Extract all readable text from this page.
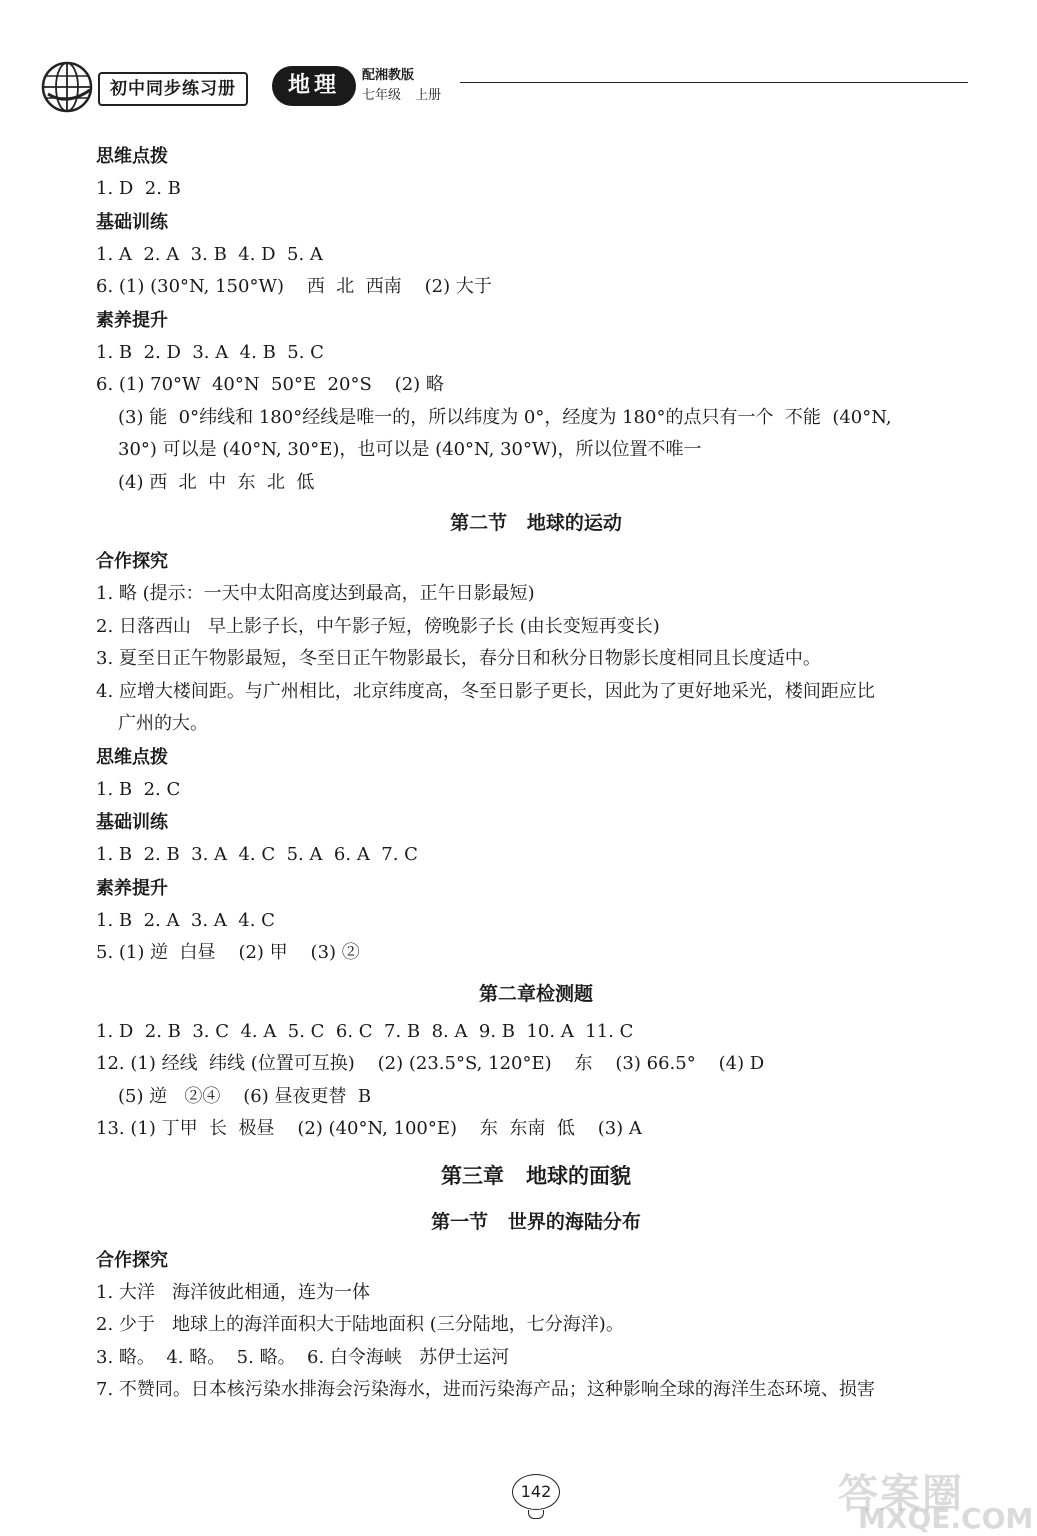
初中同步练习册	地理	配湘教版
七年级 上册
思维点拨
1. D  2. B
基础训练
1. A  2. A  3. B  4. D  5. A
6. (1) (30°N, 150°W)    西  北  西南    (2) 大于
素养提升
1. B  2. D  3. A  4. B  5. C
6. (1) 70°W  40°N  50°E  20°S    (2) 略
(3) 能  0°纬线和 180°经线是唯一的，所以纬度为 0°，经度为 180°的点只有一个  不能  (40°N,
30°) 可以是 (40°N, 30°E)，也可以是 (40°N, 30°W)，所以位置不唯一
(4) 西  北  中  东  北  低
第二节   地球的运动
合作探究
1. 略 (提示：一天中太阳高度达到最高，正午日影最短)
2. 日落西山   早上影子长，中午影子短，傍晚影子长 (由长变短再变长)
3. 夏至日正午物影最短，冬至日正午物影最长，春分日和秋分日物影长度相同且长度适中。
4. 应增大楼间距。与广州相比，北京纬度高，冬至日影子更长，因此为了更好地采光，楼间距应比
广州的大。
思维点拨
1. B  2. C
基础训练
1. B  2. B  3. A  4. C  5. A  6. A  7. C
素养提升
1. B  2. A  3. A  4. C
5. (1) 逆  白昼    (2) 甲    (3) ②
第二章检测题
1. D  2. B  3. C  4. A  5. C  6. C  7. B  8. A  9. B  10. A  11. C
12. (1) 经线  纬线 (位置可互换)    (2) (23.5°S, 120°E)    东    (3) 66.5°    (4) D
(5) 逆   ②④    (6) 昼夜更替  B
13. (1) 丁甲  长  极昼    (2) (40°N, 100°E)    东  东南  低    (3) A
第三章   地球的面貌
第一节   世界的海陆分布
合作探究
1. 大洋   海洋彼此相通，连为一体
2. 少于   地球上的海洋面积大于陆地面积 (三分陆地，七分海洋)。
3. 略。  4. 略。  5. 略。  6. 白令海峡   苏伊士运河
7. 不赞同。日本核污染水排海会污染海水，进而污染海产品；这种影响全球的海洋生态环境、损害
142	答案圈
MXQE.COM
